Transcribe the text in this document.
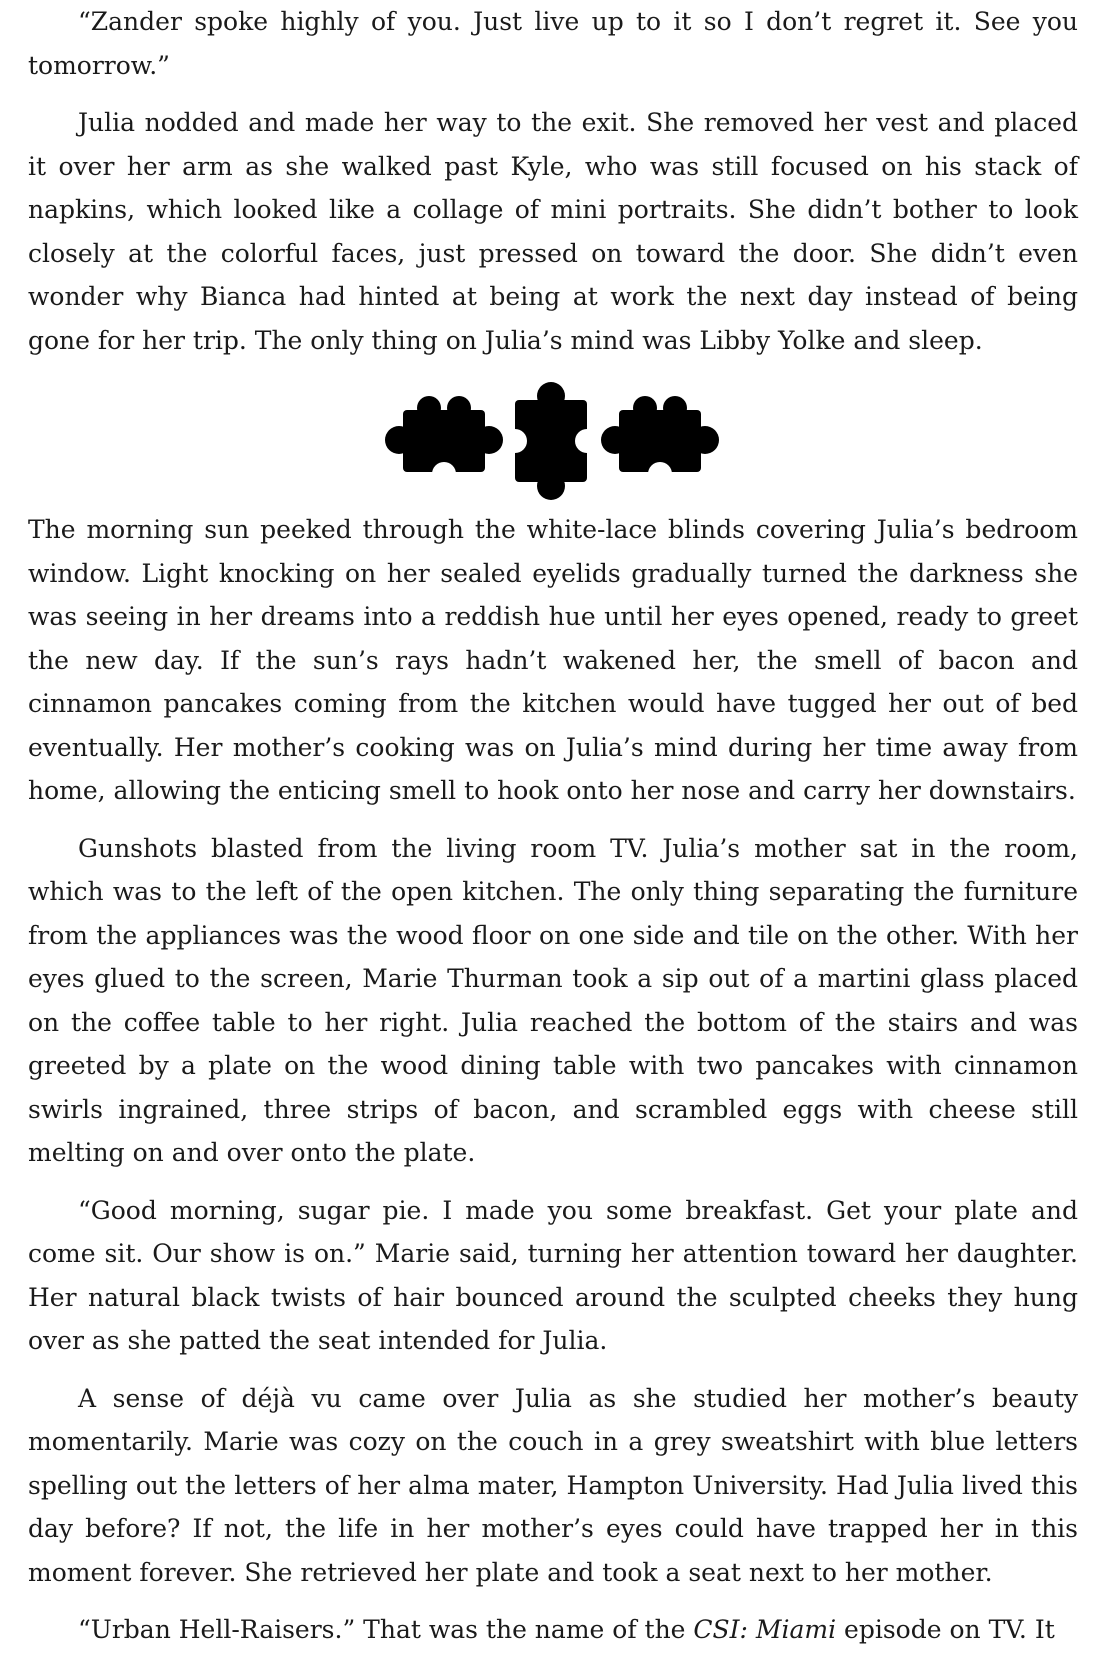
“Zander spoke highly of you. Just live up to it so I don’t regret it. See you tomorrow.”

Julia nodded and made her way to the exit. She removed her vest and placed it over her arm as she walked past Kyle, who was still focused on his stack of napkins, which looked like a collage of mini portraits. She didn’t bother to look closely at the colorful faces, just pressed on toward the door. She didn’t even wonder why Bianca had hinted at being at work the next day instead of being gone for her trip. The only thing on Julia’s mind was Libby Yolke and sleep.

The morning sun peeked through the white-lace blinds covering Julia’s bedroom window. Light knocking on her sealed eyelids gradually turned the darkness she was seeing in her dreams into a reddish hue until her eyes opened, ready to greet the new day. If the sun’s rays hadn’t wakened her, the smell of bacon and cinnamon pancakes coming from the kitchen would have tugged her out of bed eventually. Her mother’s cooking was on Julia’s mind during her time away from home, allowing the enticing smell to hook onto her nose and carry her downstairs.

Gunshots blasted from the living room TV. Julia’s mother sat in the room, which was to the left of the open kitchen. The only thing separating the furniture from the appliances was the wood floor on one side and tile on the other. With her eyes glued to the screen, Marie Thurman took a sip out of a martini glass placed on the coffee table to her right. Julia reached the bottom of the stairs and was greeted by a plate on the wood dining table with two pancakes with cinnamon swirls ingrained, three strips of bacon, and scrambled eggs with cheese still melting on and over onto the plate.

“Good morning, sugar pie. I made you some breakfast. Get your plate and come sit. Our show is on.” Marie said, turning her attention toward her daughter. Her natural black twists of hair bounced around the sculpted cheeks they hung over as she patted the seat intended for Julia.

A sense of déjà vu came over Julia as she studied her mother’s beauty momentarily. Marie was cozy on the couch in a grey sweatshirt with blue letters spelling out the letters of her alma mater, Hampton University. Had Julia lived this day before? If not, the life in her mother’s eyes could have trapped her in this moment forever. She retrieved her plate and took a seat next to her mother.

“Urban Hell-Raisers.” That was the name of the CSI: Miami episode on TV. It
